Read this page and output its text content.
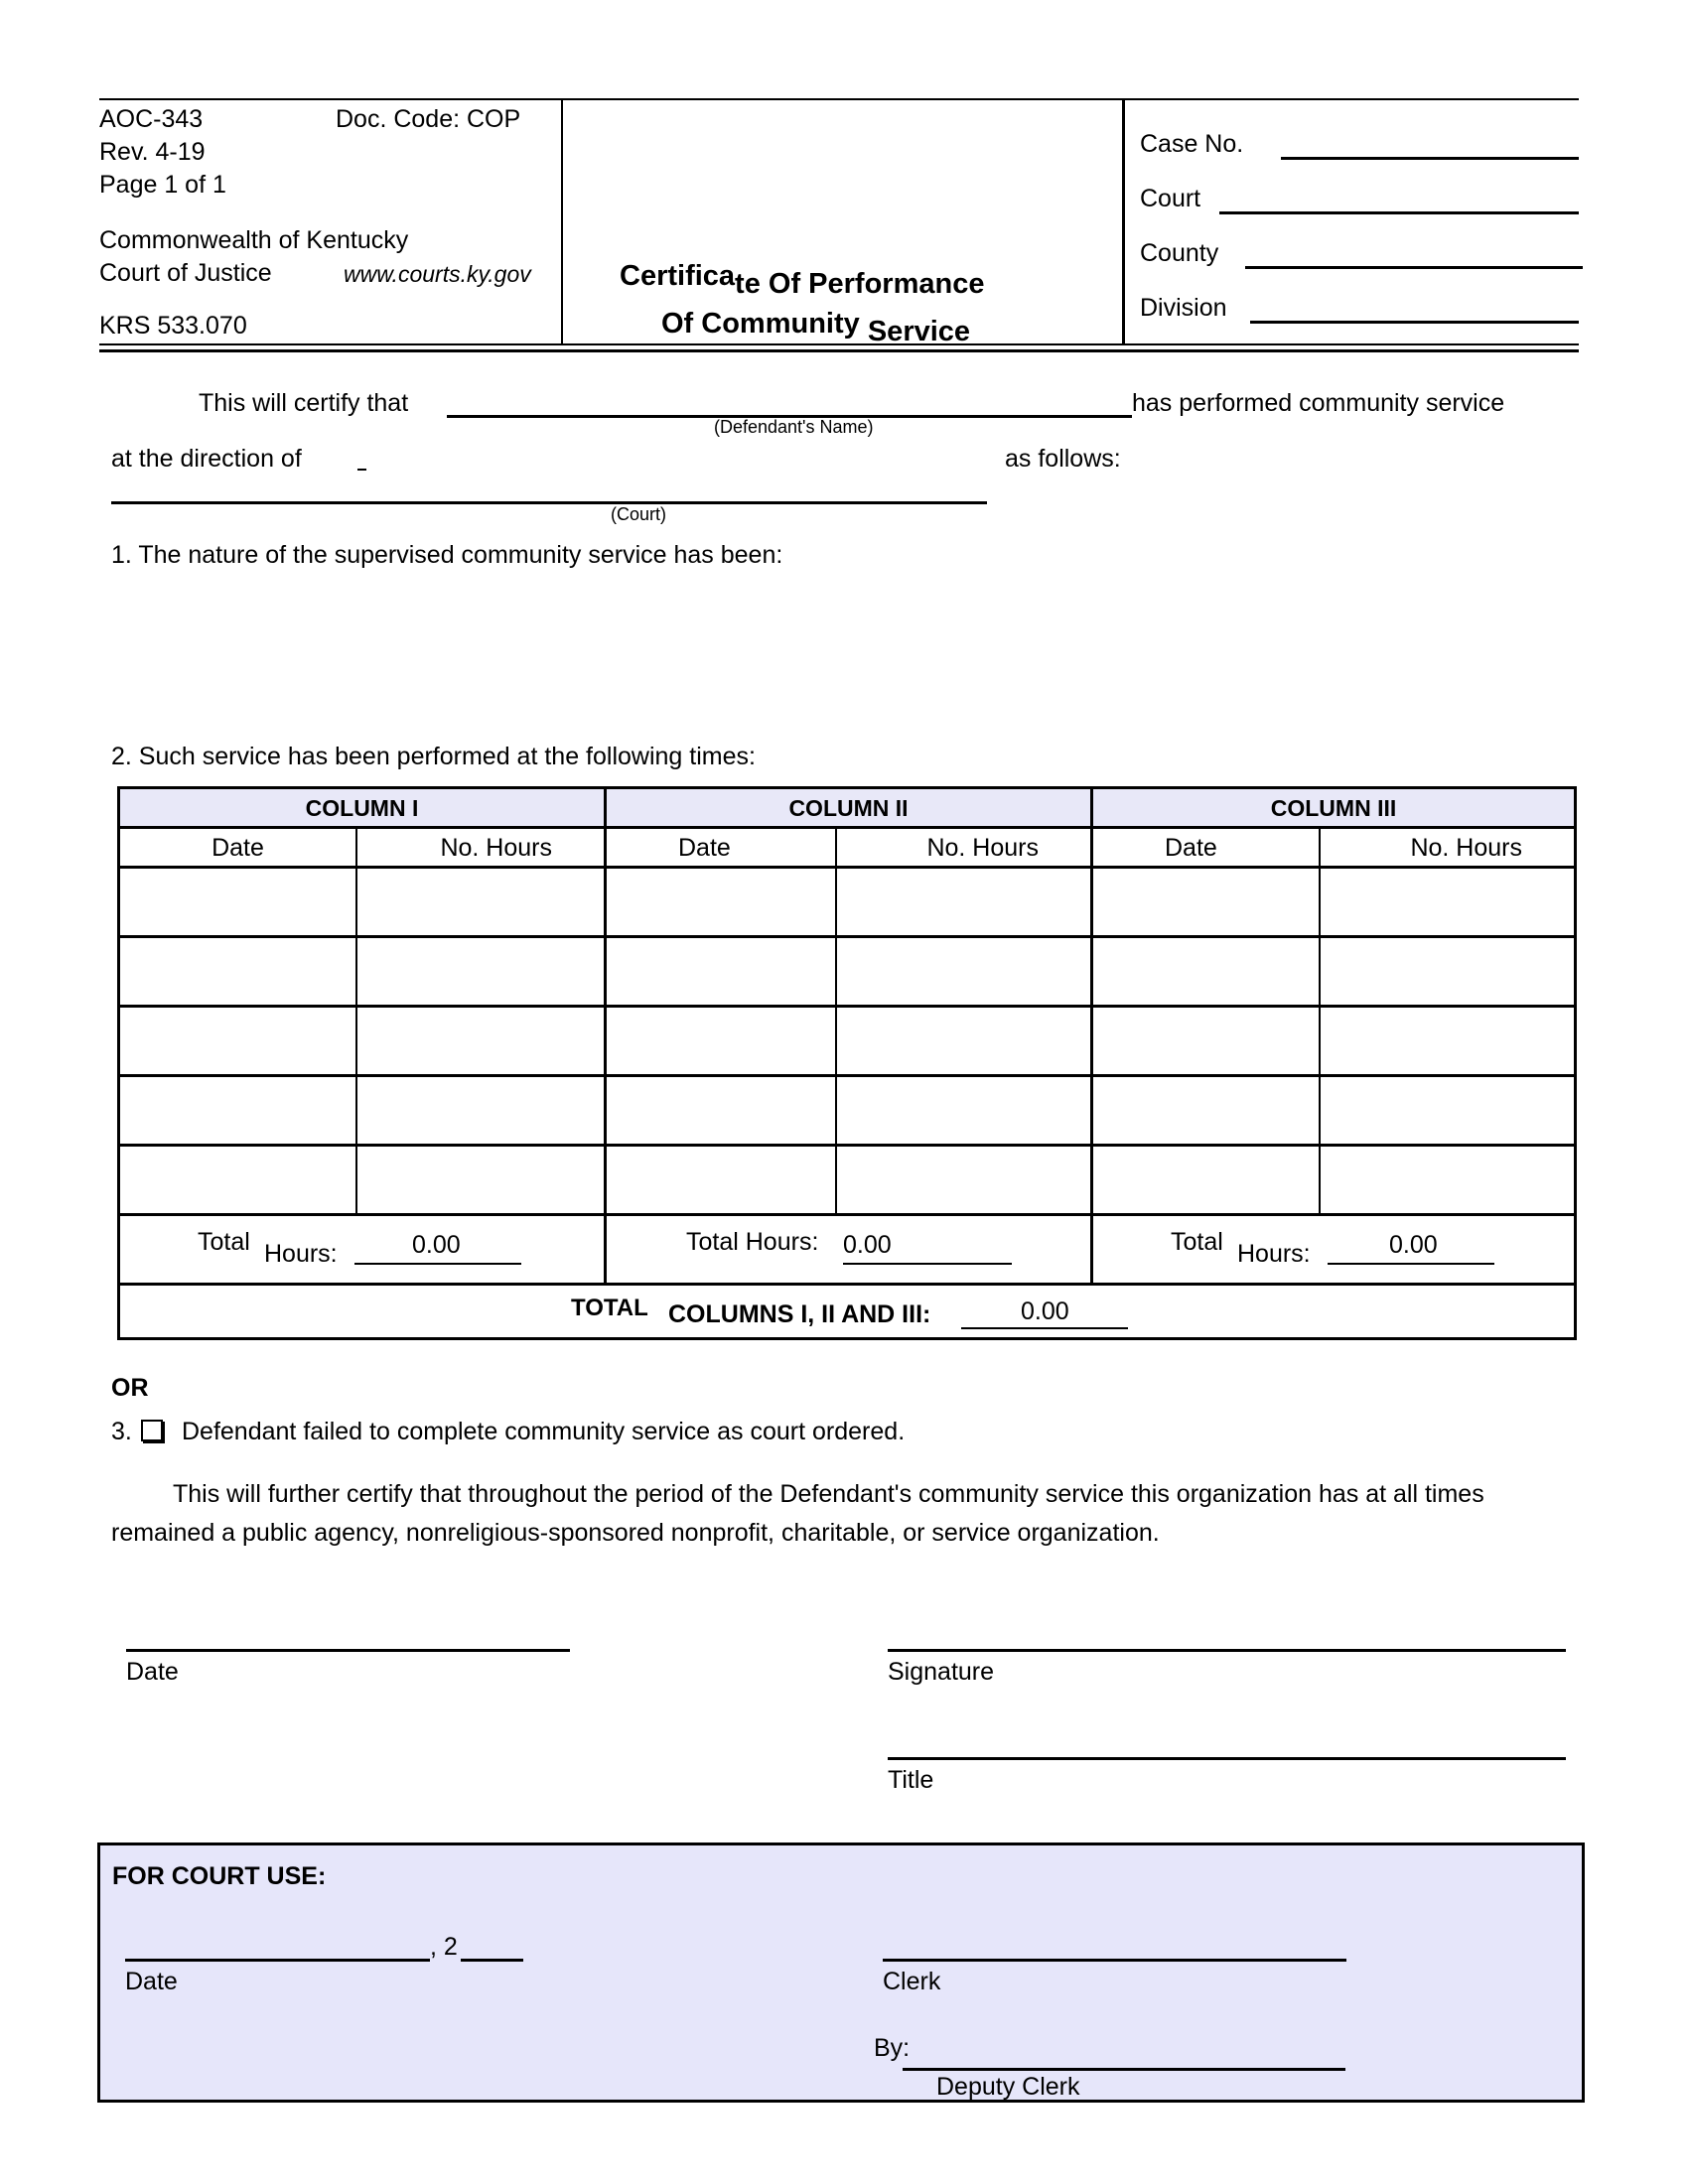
AOC-343	Doc. Code: COP
Rev. 4-19
Page 1 of 1
Commonwealth of Kentucky
Court of Justice	www.courts.ky.gov
KRS 533.070
Certificate Of Performance
Of Community Service
Case No.
Court
County
Division
This will certify that	has performed community service
(Defendant's Name)
at the direction of	as follows:
(Court)
1. The nature of the supervised community service has been:
2. Such service has been performed at the following times:
COLUMN I	COLUMN II	COLUMN III
Date	No. Hours	Date	No. Hours	Date	No. Hours
Total Hours:	0.00	Total Hours: 0.00	Total Hours:	0.00
TOTAL COLUMNS I, II AND III:	0.00
OR
3. Defendant failed to complete community service as court ordered.
This will further certify that throughout the period of the Defendant's community service this organization has at all times remained a public agency, nonreligious-sponsored nonprofit, charitable, or service organization.
Date	Signature
Title
FOR COURT USE:
, 2
Date	Clerk
By:
Deputy Clerk
